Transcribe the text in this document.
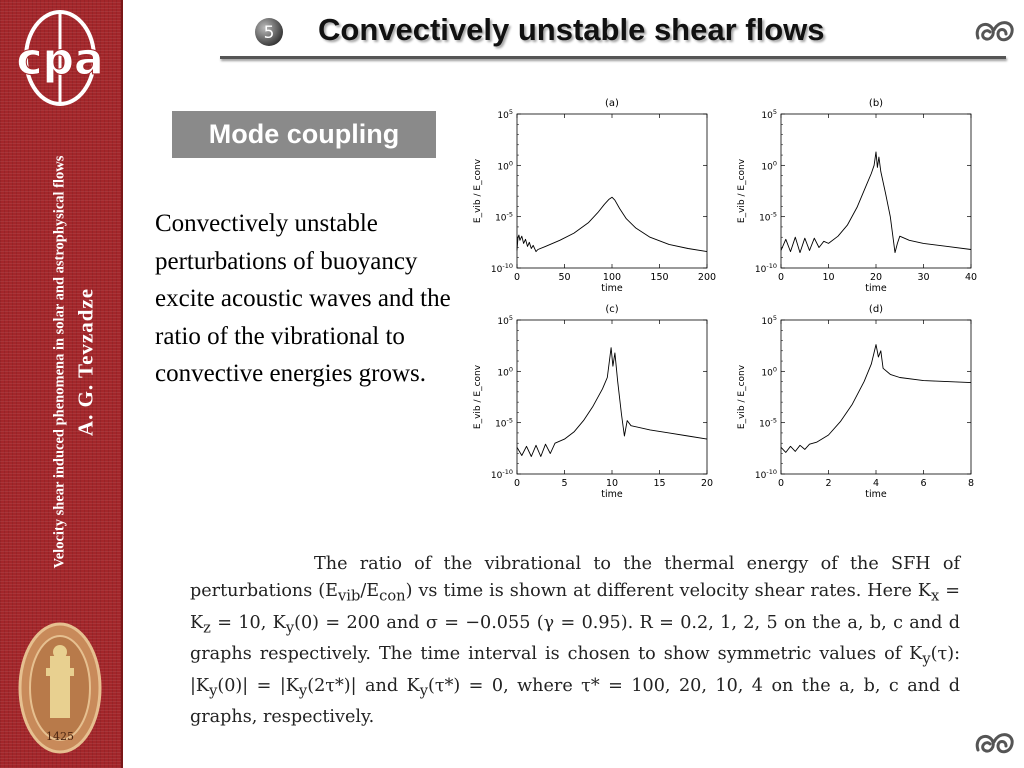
cpa
Velocity shear induced phenomena in solar and astrophysical flows A. G. Tevzadze
1425
5 Convectively unstable shear flows
Mode coupling
Convectively unstable perturbations of buoyancy excite acoustic waves and the ratio of the vibrational to convective energies grows.
(a)
0	50	100	150	200
$10^5$
$10^0$
$10^{-5}$
$10^{-10}$
time
E_vib / E_conv
(b)
0	10	20	30	40
$10^5$
$10^0$
$10^{-5}$
$10^{-10}$
time
E_vib / E_conv
(c)
0	5	10	15	20
$10^5$
$10^0$
$10^{-5}$
$10^{-10}$
time
E_vib / E_conv
(d)
0	2	4	6	8
$10^5$
$10^0$
$10^{-5}$
$10^{-10}$
time
E_vib / E_conv
The ratio of the vibrational to the thermal energy of the SFH of perturbations $(E_{vib}/E_{con})$ vs time is shown at different velocity shear rates. Here $K_x = K_z = 10$, $K_y(0) = 200$ and σ = −0.055 (γ = 0.95). R = 0.2, 1, 2, 5 on the a, b, c and d graphs respectively. The time interval is chosen to show symmetric values of $K_y(\tau)$: $|K_y(0)| = |K_y(2\tau*)|$ and $K_y(\tau*) = 0$, where τ* = 100, 20, 10, 4 on the a, b, c and d graphs, respectively.
